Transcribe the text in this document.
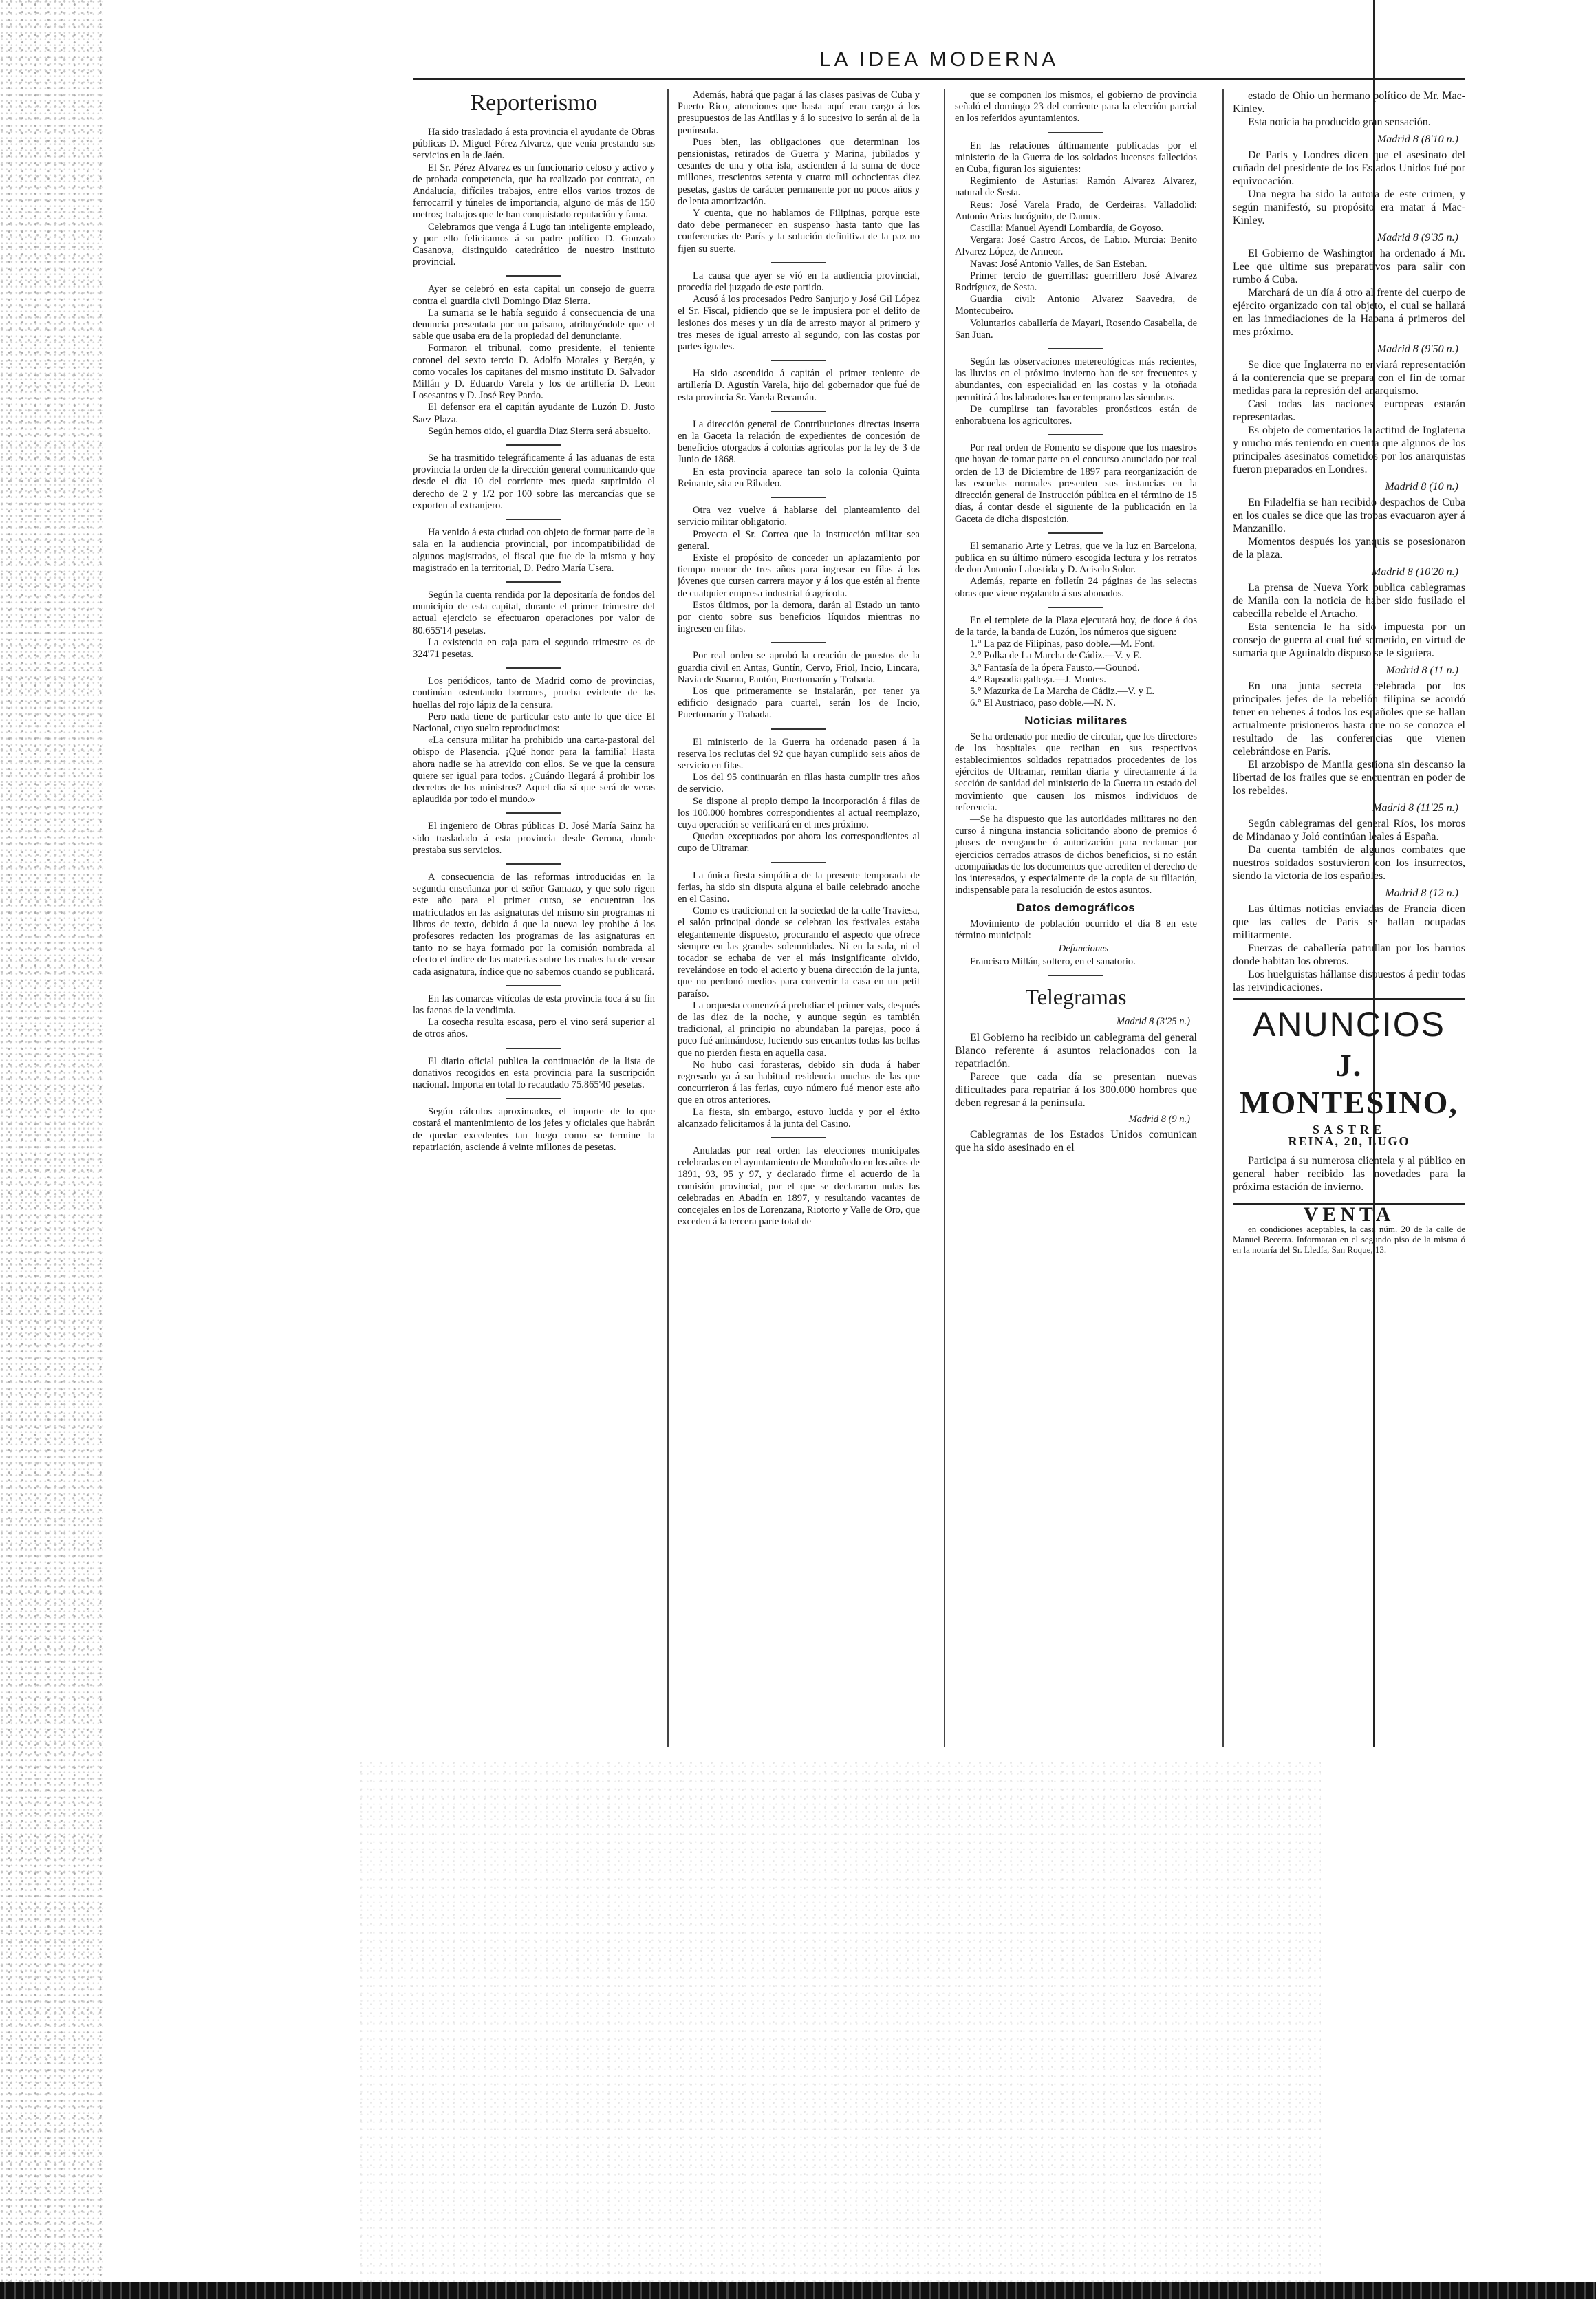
LA IDEA MODERNA
Reporterismo

Ha sido trasladado á esta provincia el ayudante de Obras públicas D. Miguel Pérez Alvarez, que venía prestando sus servicios en la de Jaén.

El Sr. Pérez Alvarez es un funcionario celoso y activo y de probada competencia, que ha realizado por contrata, en Andalucía, difíciles trabajos, entre ellos varios trozos de ferrocarril y túneles de importancia, alguno de más de 150 metros; trabajos que le han conquistado reputación y fama.

Celebramos que venga á Lugo tan inteligente empleado, y por ello felicitamos á su padre político D. Gonzalo Casanova, distinguido catedrático de nuestro instituto provincial.

Ayer se celebró en esta capital un consejo de guerra contra el guardia civil Domingo Diaz Sierra.

La sumaria se le había seguido á consecuencia de una denuncia presentada por un paisano, atribuyéndole que el sable que usaba era de la propiedad del denunciante.

Formaron el tribunal, como presidente, el teniente coronel del sexto tercio D. Adolfo Morales y Bergén, y como vocales los capitanes del mismo instituto D. Salvador Millán y D. Eduardo Varela y los de artillería D. Leon Losesantos y D. José Rey Pardo.

El defensor era el capitán ayudante de Luzón D. Justo Saez Plaza.

Según hemos oido, el guardia Diaz Sierra será absuelto.

Se ha trasmitido telegráficamente á las aduanas de esta provincia la orden de la dirección general comunicando que desde el día 10 del corriente mes queda suprimido el derecho de 2 y 1/2 por 100 sobre las mercancías que se exporten al extranjero.

Ha venido á esta ciudad con objeto de formar parte de la sala en la audiencia provincial, por incompatibilidad de algunos magistrados, el fiscal que fue de la misma y hoy magistrado en la territorial, D. Pedro María Usera.

Según la cuenta rendida por la depositaría de fondos del municipio de esta capital, durante el primer trimestre del actual ejercicio se efectuaron operaciones por valor de 80.655'14 pesetas.

La existencia en caja para el segundo trimestre es de 324'71 pesetas.

Los periódicos, tanto de Madrid como de provincias, continúan ostentando borrones, prueba evidente de las huellas del rojo lápiz de la censura.

Pero nada tiene de particular esto ante lo que dice El Nacional, cuyo suelto reproducimos:

«La censura militar ha prohibido una carta-pastoral del obispo de Plasencia. ¡Qué honor para la familia! Hasta ahora nadie se ha atrevido con ellos. Se ve que la censura quiere ser igual para todos. ¿Cuándo llegará á prohibir los decretos de los ministros? Aquel día sí que será de veras aplaudida por todo el mundo.»

El ingeniero de Obras públicas D. José María Sainz ha sido trasladado á esta provincia desde Gerona, donde prestaba sus servicios.

A consecuencia de las reformas introducidas en la segunda enseñanza por el señor Gamazo, y que solo rigen este año para el primer curso, se encuentran los matriculados en las asignaturas del mismo sin programas ni libros de texto, debido á que la nueva ley prohibe á los profesores redacten los programas de las asignaturas en tanto no se haya formado por la comisión nombrada al efecto el índice de las materias sobre las cuales ha de versar cada asignatura, índice que no sabemos cuando se publicará.

En las comarcas vitícolas de esta provincia toca á su fin las faenas de la vendimia.

La cosecha resulta escasa, pero el vino será superior al de otros años.

El diario oficial publica la continuación de la lista de donativos recogidos en esta provincia para la suscripción nacional. Importa en total lo recaudado 75.865'40 pesetas.

Según cálculos aproximados, el importe de lo que costará el mantenimiento de los jefes y oficiales que habrán de quedar excedentes tan luego como se termine la repatriación, asciende á veinte millones de pesetas.

Además, habrá que pagar á las clases pasivas de Cuba y Puerto Rico, atenciones que hasta aquí eran cargo á los presupuestos de las Antillas y á lo sucesivo lo serán al de la península.

Pues bien, las obligaciones que determinan los pensionistas, retirados de Guerra y Marina, jubilados y cesantes de una y otra isla, ascienden á la suma de doce millones, trescientos setenta y cuatro mil ochocientas diez pesetas, gastos de carácter permanente por no pocos años y de lenta amortización.

Y cuenta, que no hablamos de Filipinas, porque este dato debe permanecer en suspenso hasta tanto que las conferencias de París y la solución definitiva de la paz no fijen su suerte.

La causa que ayer se vió en la audiencia provincial, procedía del juzgado de este partido.

Acusó á los procesados Pedro Sanjurjo y José Gil López el Sr. Fiscal, pidiendo que se le impusiera por el delito de lesiones dos meses y un día de arresto mayor al primero y tres meses de igual arresto al segundo, con las costas por partes iguales.

Ha sido ascendido á capitán el primer teniente de artillería D. Agustín Varela, hijo del gobernador que fué de esta provincia Sr. Varela Recamán.

La dirección general de Contribuciones directas inserta en la Gaceta la relación de expedientes de concesión de beneficios otorgados á colonias agrícolas por la ley de 3 de Junio de 1868.

En esta provincia aparece tan solo la colonia Quinta Reinante, sita en Ribadeo.

Otra vez vuelve á hablarse del planteamiento del servicio militar obligatorio.

Proyecta el Sr. Correa que la instrucción militar sea general.

Existe el propósito de conceder un aplazamiento por tiempo menor de tres años para ingresar en filas á los jóvenes que cursen carrera mayor y á los que estén al frente de cualquier empresa industrial ó agrícola.

Estos últimos, por la demora, darán al Estado un tanto por ciento sobre sus beneficios líquidos mientras no ingresen en filas.

Por real orden se aprobó la creación de puestos de la guardia civil en Antas, Guntín, Cervo, Friol, Incio, Lincara, Navia de Suarna, Pantón, Puertomarín y Trabada.

Los que primeramente se instalarán, por tener ya edificio designado para cuartel, serán los de Incio, Puertomarín y Trabada.

El ministerio de la Guerra ha ordenado pasen á la reserva los reclutas del 92 que hayan cumplido seis años de servicio en filas.

Los del 95 continuarán en filas hasta cumplir tres años de servicio.

Se dispone al propio tiempo la incorporación á filas de los 100.000 hombres correspondientes al actual reemplazo, cuya operación se verificará en el mes próximo.

Quedan exceptuados por ahora los correspondientes al cupo de Ultramar.

La única fiesta simpática de la presente temporada de ferias, ha sido sin disputa alguna el baile celebrado anoche en el Casino.

Como es tradicional en la sociedad de la calle Traviesa, el salón principal donde se celebran los festivales estaba elegantemente dispuesto, procurando el aspecto que ofrece siempre en las grandes solemnidades. Ni en la sala, ni el tocador se echaba de ver el más insignificante olvido, revelándose en todo el acierto y buena dirección de la junta, que no perdonó medios para convertir la casa en un petit paraíso.

La orquesta comenzó á preludiar el primer vals, después de las diez de la noche, y aunque según es también tradicional, al principio no abundaban la parejas, poco á poco fué animándose, luciendo sus encantos todas las bellas que no pierden fiesta en aquella casa.

No hubo casi forasteras, debido sin duda á haber regresado ya á su habitual residencia muchas de las que concurrieron á las ferias, cuyo número fué menor este año que en otros anteriores.

La fiesta, sin embargo, estuvo lucida y por el éxito alcanzado felicitamos á la junta del Casino.

Anuladas por real orden las elecciones municipales celebradas en el ayuntamiento de Mondoñedo en los años de 1891, 93, 95 y 97, y declarado firme el acuerdo de la comisión provincial, por el que se declararon nulas las celebradas en Abadín en 1897, y resultando vacantes de concejales en los de Lorenzana, Riotorto y Valle de Oro, que exceden á la tercera parte total de

que se componen los mismos, el gobierno de provincia señaló el domingo 23 del corriente para la elección parcial en los referidos ayuntamientos.

En las relaciones últimamente publicadas por el ministerio de la Guerra de los soldados lucenses fallecidos en Cuba, figuran los siguientes:

Regimiento de Asturias: Ramón Alvarez Alvarez, natural de Sesta.

Reus: José Varela Prado, de Cerdeiras. Valladolid: Antonio Arias Iucógnito, de Damux.

Castilla: Manuel Ayendi Lombardía, de Goyoso.

Vergara: José Castro Arcos, de Labio. Murcia: Benito Alvarez López, de Armeor.

Navas: José Antonio Valles, de San Esteban.

Primer tercio de guerrillas: guerrillero José Alvarez Rodríguez, de Sesta.

Guardia civil: Antonio Alvarez Saavedra, de Montecubeiro.

Voluntarios caballería de Mayari, Rosendo Casabella, de San Juan.

Según las observaciones metereológicas más recientes, las lluvias en el próximo invierno han de ser frecuentes y abundantes, con especialidad en las costas y la otoñada permitirá á los labradores hacer temprano las siembras.

De cumplirse tan favorables pronósticos están de enhorabuena los agricultores.

Por real orden de Fomento se dispone que los maestros que hayan de tomar parte en el concurso anunciado por real orden de 13 de Diciembre de 1897 para reorganización de las escuelas normales presenten sus instancias en la dirección general de Instrucción pública en el término de 15 días, á contar desde el siguiente de la publicación en la Gaceta de dicha disposición.

El semanario Arte y Letras, que ve la luz en Barcelona, publica en su último número escogida lectura y los retratos de don Antonio Labastida y D. Aciselo Solor.

Además, reparte en folletín 24 páginas de las selectas obras que viene regalando á sus abonados.

En el templete de la Plaza ejecutará hoy, de doce á dos de la tarde, la banda de Luzón, los números que siguen:

1.° La paz de Filipinas, paso doble.—M. Font.

2.° Polka de La Marcha de Cádiz.—V. y E.

3.° Fantasía de la ópera Fausto.—Gounod.

4.° Rapsodia gallega.—J. Montes.

5.° Mazurka de La Marcha de Cádiz.—V. y E.

6.° El Austriaco, paso doble.—N. N.

Noticias militares

Se ha ordenado por medio de circular, que los directores de los hospitales que reciban en sus respectivos establecimientos soldados repatriados procedentes de los ejércitos de Ultramar, remitan diaria y directamente á la sección de sanidad del ministerio de la Guerra un estado del movimiento que causen los mismos individuos de referencia.

—Se ha dispuesto que las autoridades militares no den curso á ninguna instancia solicitando abono de premios ó pluses de reenganche ó autorización para reclamar por ejercicios cerrados atrasos de dichos beneficios, si no están acompañadas de los documentos que acrediten el derecho de los interesados, y especialmente de la copia de su filiación, indispensable para la resolución de estos asuntos.

Datos demográficos

Movimiento de población ocurrido el día 8 en este término municipal:

Defunciones

Francisco Millán, soltero, en el sanatorio.

Telegramas
Madrid 8 (3'25 n.)

El Gobierno ha recibido un cablegrama del general Blanco referente á asuntos relacionados con la repatriación.

Parece que cada día se presentan nuevas dificultades para repatriar á los 300.000 hombres que deben regresar á la península.

Madrid 8 (9 n.)

Cablegramas de los Estados Unidos comunican que ha sido asesinado en el

estado de Ohio un hermano político de Mr. Mac-Kinley.

Esta noticia ha producido gran sensación.

Madrid 8 (8'10 n.)

De París y Londres dicen que el asesinato del cuñado del presidente de los Estados Unidos fué por equivocación.

Una negra ha sido la autora de este crimen, y según manifestó, su propósito era matar á Mac-Kinley.

Madrid 8 (9'35 n.)

El Gobierno de Washington ha ordenado á Mr. Lee que ultime sus preparativos para salir con rumbo á Cuba.

Marchará de un día á otro al frente del cuerpo de ejército organizado con tal objeto, el cual se hallará en las inmediaciones de la Habana á primeros del mes próximo.

Madrid 8 (9'50 n.)

Se dice que Inglaterra no enviará representación á la conferencia que se prepara con el fin de tomar medidas para la represión del anarquismo.

Casi todas las naciones europeas estarán representadas.

Es objeto de comentarios la actitud de Inglaterra y mucho más teniendo en cuenta que algunos de los principales asesinatos cometidos por los anarquistas fueron preparados en Londres.

Madrid 8 (10 n.)

En Filadelfia se han recibido despachos de Cuba en los cuales se dice que las tropas evacuaron ayer á Manzanillo.

Momentos después los yanquis se posesionaron de la plaza.

Madrid 8 (10'20 n.)

La prensa de Nueva York publica cablegramas de Manila con la noticia de haber sido fusilado el cabecilla rebelde el Artacho.

Esta sentencia le ha sido impuesta por un consejo de guerra al cual fué sometido, en virtud de sumaria que Aguinaldo dispuso se le siguiera.

Madrid 8 (11 n.)

En una junta secreta celebrada por los principales jefes de la rebelión filipina se acordó tener en rehenes á todos los españoles que se hallan actualmente prisioneros hasta que no se conozca el resultado de las conferencias que vienen celebrándose en París.

El arzobispo de Manila gestiona sin descanso la libertad de los frailes que se encuentran en poder de los rebeldes.

Madrid 8 (11'25 n.)

Según cablegramas del general Ríos, los moros de Mindanao y Joló continúan leales á España.

Da cuenta también de algunos combates que nuestros soldados sostuvieron con los insurrectos, siendo la victoria de los españoles.

Madrid 8 (12 n.)

Las últimas noticias enviadas de Francia dicen que las calles de París se hallan ocupadas militarmente.

Fuerzas de caballería patrullan por los barrios donde habitan los obreros.

Los huelguistas hállanse dispuestos á pedir todas las reivindicaciones.

ANUNCIOS
J. MONTESINO,
SASTRE
REINA, 20, LUGO

Participa á su numerosa clientela y al público en general haber recibido las novedades para la próxima estación de invierno.

VENTA

en condiciones aceptables, la casa núm. 20 de la calle de Manuel Becerra. Informaran en el segundo piso de la misma ó en la notaría del Sr. Lledía, San Roque, 13.
